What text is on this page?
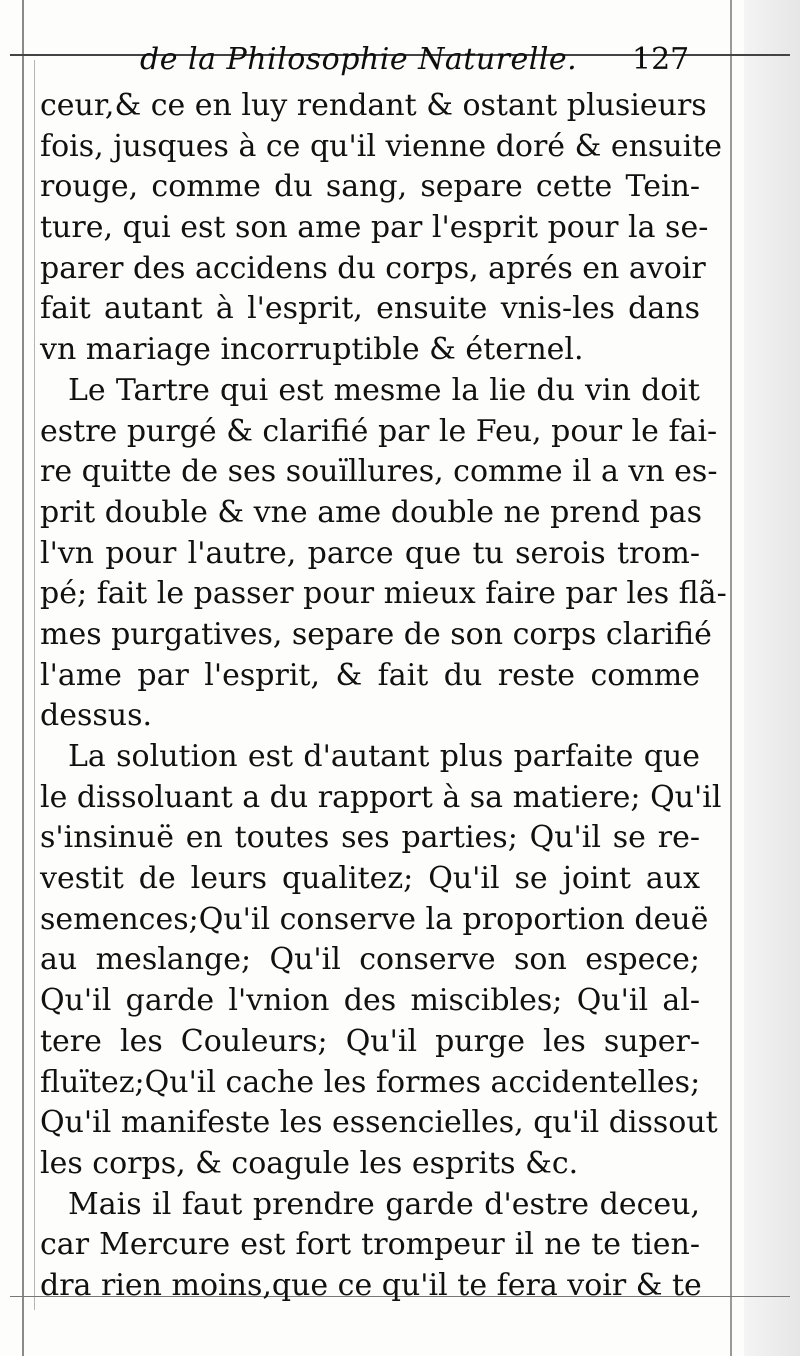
de la Philosophie Naturelle. 127
ceur,& ce en luy rendant & ostant plusieurs
fois, jusques à ce qu'il vienne doré & ensuite
rouge, comme du sang, separe cette Tein-
ture, qui est son ame par l'esprit pour la se-
parer des accidens du corps, aprés en avoir
fait autant à l'esprit, ensuite vnis-les dans
vn mariage incorruptible & éternel.
Le Tartre qui est mesme la lie du vin doit
estre purgé & clarifié par le Feu, pour le fai-
re quitte de ses souïllures, comme il a vn es-
prit double & vne ame double ne prend pas
l'vn pour l'autre, parce que tu serois trom-
pé; fait le passer pour mieux faire par les flã-
mes purgatives, separe de son corps clarifié
l'ame par l'esprit, & fait du reste comme
dessus.
La solution est d'autant plus parfaite que
le dissoluant a du rapport à sa matiere; Qu'il
s'insinuë en toutes ses parties; Qu'il se re-
vestit de leurs qualitez; Qu'il se joint aux
semences;Qu'il conserve la proportion deuë
au meslange; Qu'il conserve son espece;
Qu'il garde l'vnion des miscibles; Qu'il al-
tere les Couleurs; Qu'il purge les super-
fluïtez;Qu'il cache les formes accidentelles;
Qu'il manifeste les essencielles, qu'il dissout
les corps, & coagule les esprits &c.
Mais il faut prendre garde d'estre deceu,
car Mercure est fort trompeur il ne te tien-
dra rien moins,que ce qu'il te fera voir & te
